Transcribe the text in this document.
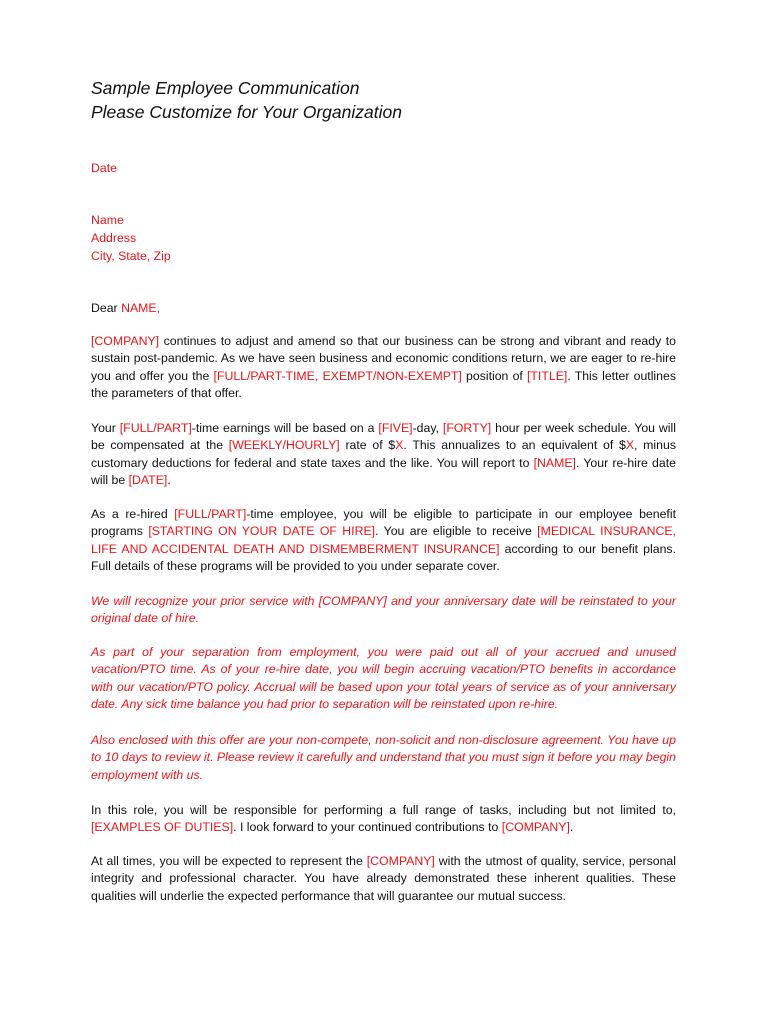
Sample Employee Communication
Please Customize for Your Organization
Date
Name
Address
City, State, Zip
Dear NAME,
[COMPANY] continues to adjust and amend so that our business can be strong and vibrant and ready to sustain post-pandemic. As we have seen business and economic conditions return, we are eager to re-hire you and offer you the [FULL/PART-TIME, EXEMPT/NON-EXEMPT] position of [TITLE]. This letter outlines the parameters of that offer.
Your [FULL/PART]-time earnings will be based on a [FIVE]-day, [FORTY] hour per week schedule. You will be compensated at the [WEEKLY/HOURLY] rate of $X. This annualizes to an equivalent of $X, minus customary deductions for federal and state taxes and the like. You will report to [NAME]. Your re-hire date will be [DATE].
As a re-hired [FULL/PART]-time employee, you will be eligible to participate in our employee benefit programs [STARTING ON YOUR DATE OF HIRE]. You are eligible to receive [MEDICAL INSURANCE, LIFE AND ACCIDENTAL DEATH AND DISMEMBERMENT INSURANCE] according to our benefit plans. Full details of these programs will be provided to you under separate cover.
We will recognize your prior service with [COMPANY] and your anniversary date will be reinstated to your original date of hire.
As part of your separation from employment, you were paid out all of your accrued and unused vacation/PTO time. As of your re-hire date, you will begin accruing vacation/PTO benefits in accordance with our vacation/PTO policy. Accrual will be based upon your total years of service as of your anniversary date. Any sick time balance you had prior to separation will be reinstated upon re-hire.
Also enclosed with this offer are your non-compete, non-solicit and non-disclosure agreement. You have up to 10 days to review it. Please review it carefully and understand that you must sign it before you may begin employment with us.
In this role, you will be responsible for performing a full range of tasks, including but not limited to, [EXAMPLES OF DUTIES]. I look forward to your continued contributions to [COMPANY].
At all times, you will be expected to represent the [COMPANY] with the utmost of quality, service, personal integrity and professional character. You have already demonstrated these inherent qualities. These qualities will underlie the expected performance that will guarantee our mutual success.
